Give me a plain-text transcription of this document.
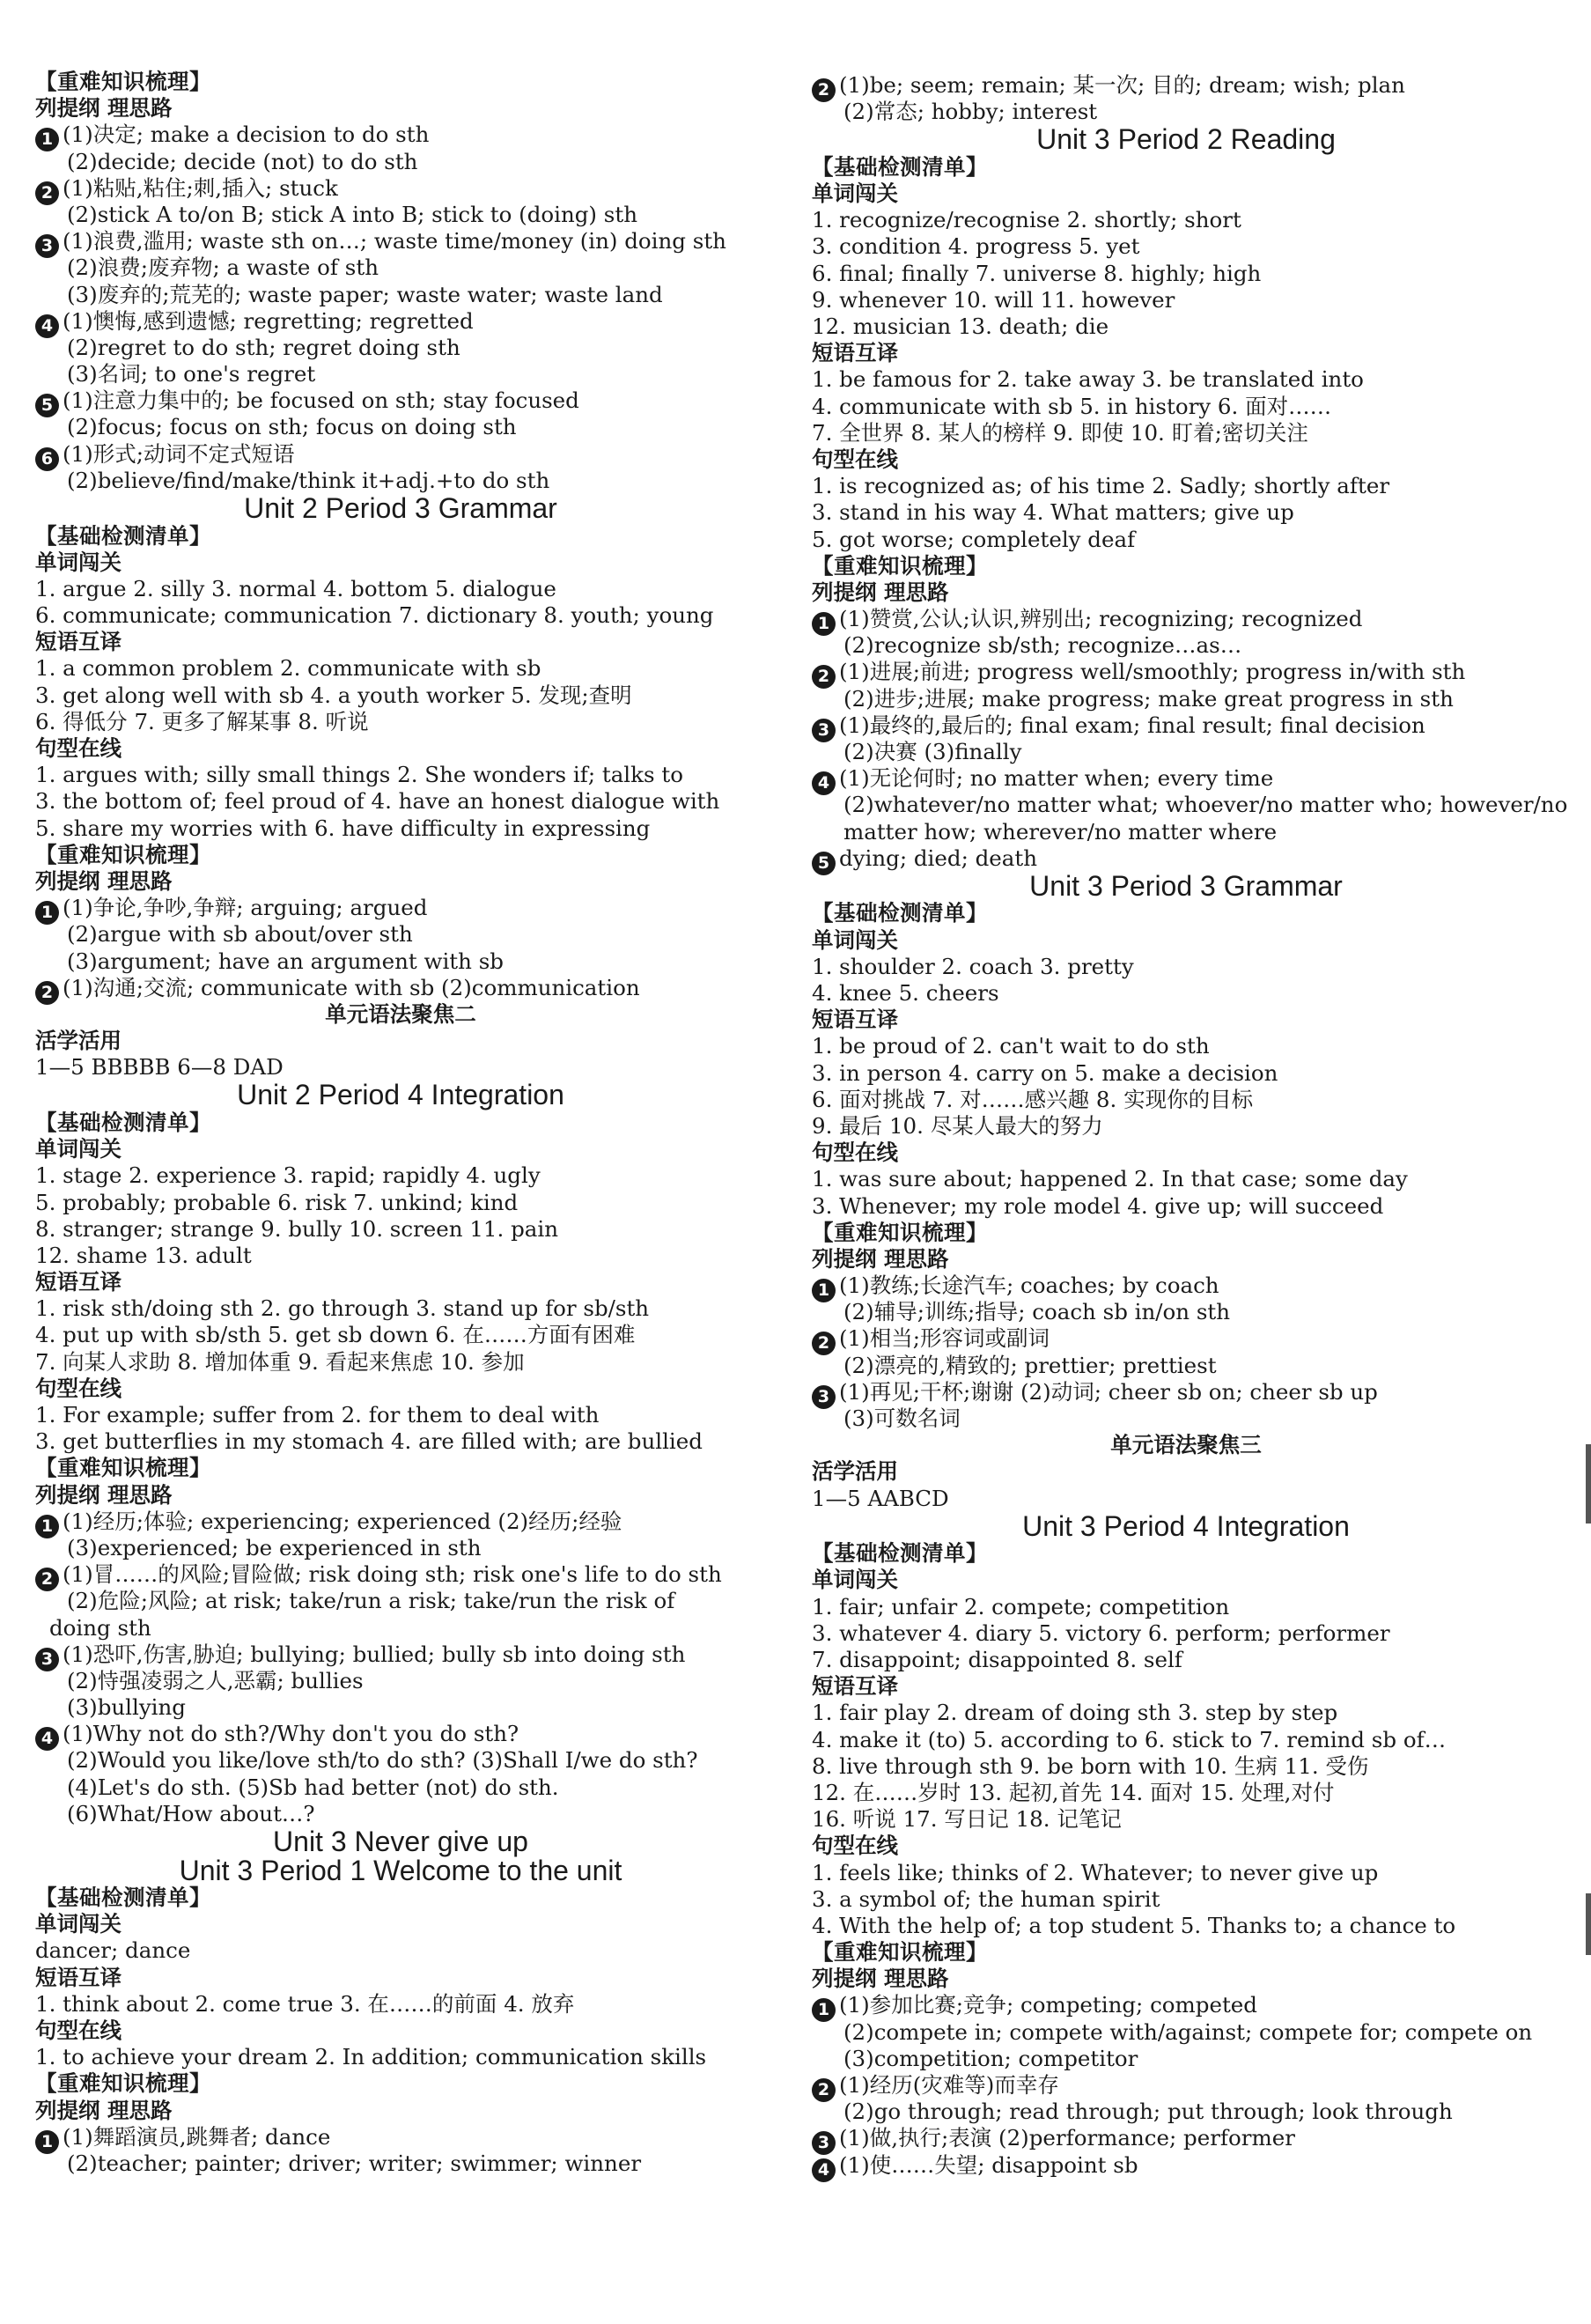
【重难知识梳理】
列提纲 理思路
1 (1)决定; make a decision to do sth
(2)decide; decide (not) to do sth
2 (1)粘贴,粘住;刺,插入; stuck
(2)stick A to/on B; stick A into B; stick to (doing) sth
3 (1)浪费,滥用; waste sth on…; waste time/money (in) doing sth
(2)浪费;废弃物; a waste of sth
(3)废弃的;荒芜的; waste paper; waste water; waste land
4 (1)懊悔,感到遗憾; regretting; regretted
(2)regret to do sth; regret doing sth
(3)名词; to one's regret
5 (1)注意力集中的; be focused on sth; stay focused
(2)focus; focus on sth; focus on doing sth
6 (1)形式;动词不定式短语
(2)believe/find/make/think it+adj.+to do sth
Unit 2 Period 3 Grammar
【基础检测清单】
单词闯关
1. argue 2. silly 3. normal 4. bottom 5. dialogue
6. communicate; communication 7. dictionary 8. youth; young
短语互译
1. a common problem 2. communicate with sb
3. get along well with sb 4. a youth worker 5. 发现;查明
6. 得低分 7. 更多了解某事 8. 听说
句型在线
1. argues with; silly small things 2. She wonders if; talks to
3. the bottom of; feel proud of 4. have an honest dialogue with
5. share my worries with 6. have difficulty in expressing
【重难知识梳理】
列提纲 理思路
1 (1)争论,争吵,争辩; arguing; argued
(2)argue with sb about/over sth
(3)argument; have an argument with sb
2 (1)沟通;交流; communicate with sb (2)communication
单元语法聚焦二
活学活用
1—5 BBBBB 6—8 DAD
Unit 2 Period 4 Integration
【基础检测清单】
单词闯关
1. stage 2. experience 3. rapid; rapidly 4. ugly
5. probably; probable 6. risk 7. unkind; kind
8. stranger; strange 9. bully 10. screen 11. pain
12. shame 13. adult
短语互译
1. risk sth/doing sth 2. go through 3. stand up for sb/sth
4. put up with sb/sth 5. get sb down 6. 在……方面有困难
7. 向某人求助 8. 增加体重 9. 看起来焦虑 10. 参加
句型在线
1. For example; suffer from 2. for them to deal with
3. get butterflies in my stomach 4. are filled with; are bullied
【重难知识梳理】
列提纲 理思路
1 (1)经历;体验; experiencing; experienced (2)经历;经验
(3)experienced; be experienced in sth
2 (1)冒……的风险;冒险做; risk doing sth; risk one's life to do sth
(2)危险;风险; at risk; take/run a risk; take/run the risk of
doing sth
3 (1)恐吓,伤害,胁迫; bullying; bullied; bully sb into doing sth
(2)恃强凌弱之人,恶霸; bullies
(3)bullying
4 (1)Why not do sth?/Why don't you do sth?
(2)Would you like/love sth/to do sth? (3)Shall I/we do sth?
(4)Let's do sth. (5)Sb had better (not) do sth.
(6)What/How about…?
Unit 3 Never give up
Unit 3 Period 1 Welcome to the unit
【基础检测清单】
单词闯关
dancer; dance
短语互译
1. think about 2. come true 3. 在……的前面 4. 放弃
句型在线
1. to achieve your dream 2. In addition; communication skills
【重难知识梳理】
列提纲 理思路
1 (1)舞蹈演员,跳舞者; dance
(2)teacher; painter; driver; writer; swimmer; winner
2 (1)be; seem; remain; 某一次; 目的; dream; wish; plan
(2)常态; hobby; interest
Unit 3 Period 2 Reading
【基础检测清单】
单词闯关
1. recognize/recognise 2. shortly; short
3. condition 4. progress 5. yet
6. final; finally 7. universe 8. highly; high
9. whenever 10. will 11. however
12. musician 13. death; die
短语互译
1. be famous for 2. take away 3. be translated into
4. communicate with sb 5. in history 6. 面对……
7. 全世界 8. 某人的榜样 9. 即使 10. 盯着;密切关注
句型在线
1. is recognized as; of his time 2. Sadly; shortly after
3. stand in his way 4. What matters; give up
5. got worse; completely deaf
【重难知识梳理】
列提纲 理思路
1 (1)赞赏,公认;认识,辨别出; recognizing; recognized
(2)recognize sb/sth; recognize…as…
2 (1)进展;前进; progress well/smoothly; progress in/with sth
(2)进步;进展; make progress; make great progress in sth
3 (1)最终的,最后的; final exam; final result; final decision
(2)决赛 (3)finally
4 (1)无论何时; no matter when; every time
(2)whatever/no matter what; whoever/no matter who; however/no
matter how; wherever/no matter where
5 dying; died; death
Unit 3 Period 3 Grammar
【基础检测清单】
单词闯关
1. shoulder 2. coach 3. pretty
4. knee 5. cheers
短语互译
1. be proud of 2. can't wait to do sth
3. in person 4. carry on 5. make a decision
6. 面对挑战 7. 对……感兴趣 8. 实现你的目标
9. 最后 10. 尽某人最大的努力
句型在线
1. was sure about; happened 2. In that case; some day
3. Whenever; my role model 4. give up; will succeed
【重难知识梳理】
列提纲 理思路
1 (1)教练;长途汽车; coaches; by coach
(2)辅导;训练;指导; coach sb in/on sth
2 (1)相当;形容词或副词
(2)漂亮的,精致的; prettier; prettiest
3 (1)再见;干杯;谢谢 (2)动词; cheer sb on; cheer sb up
(3)可数名词
单元语法聚焦三
活学活用
1—5 AABCD
Unit 3 Period 4 Integration
【基础检测清单】
单词闯关
1. fair; unfair 2. compete; competition
3. whatever 4. diary 5. victory 6. perform; performer
7. disappoint; disappointed 8. self
短语互译
1. fair play 2. dream of doing sth 3. step by step
4. make it (to) 5. according to 6. stick to 7. remind sb of…
8. live through sth 9. be born with 10. 生病 11. 受伤
12. 在……岁时 13. 起初,首先 14. 面对 15. 处理,对付
16. 听说 17. 写日记 18. 记笔记
句型在线
1. feels like; thinks of 2. Whatever; to never give up
3. a symbol of; the human spirit
4. With the help of; a top student 5. Thanks to; a chance to
【重难知识梳理】
列提纲 理思路
1 (1)参加比赛;竞争; competing; competed
(2)compete in; compete with/against; compete for; compete on
(3)competition; competitor
2 (1)经历(灾难等)而幸存
(2)go through; read through; put through; look through
3 (1)做,执行;表演 (2)performance; performer
4 (1)使……失望; disappoint sb
